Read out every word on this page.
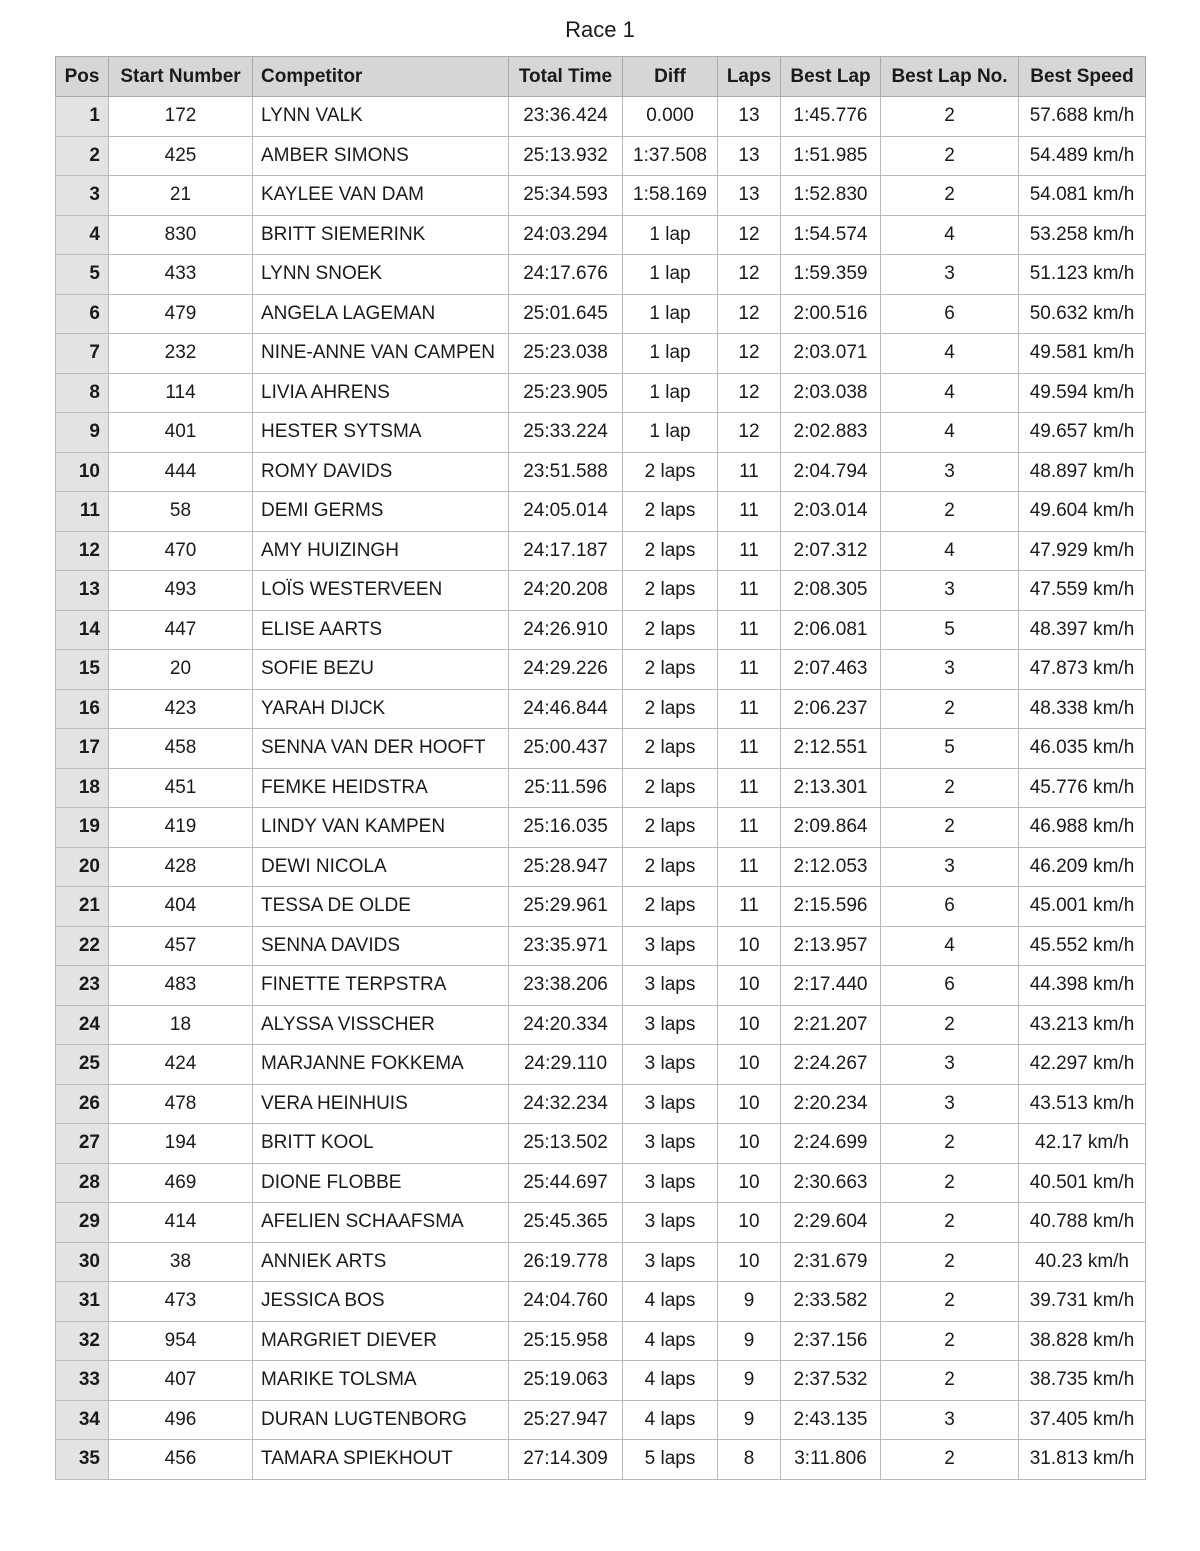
Race 1
Pos	Start Number	Competitor	Total Time	Diff	Laps	Best Lap	Best Lap No.	Best Speed
1	172	LYNN VALK	23:36.424	0.000	13	1:45.776	2	57.688 km/h
2	425	AMBER SIMONS	25:13.932	1:37.508	13	1:51.985	2	54.489 km/h
3	21	KAYLEE VAN DAM	25:34.593	1:58.169	13	1:52.830	2	54.081 km/h
4	830	BRITT SIEMERINK	24:03.294	1 lap	12	1:54.574	4	53.258 km/h
5	433	LYNN SNOEK	24:17.676	1 lap	12	1:59.359	3	51.123 km/h
6	479	ANGELA LAGEMAN	25:01.645	1 lap	12	2:00.516	6	50.632 km/h
7	232	NINE-ANNE VAN CAMPEN	25:23.038	1 lap	12	2:03.071	4	49.581 km/h
8	114	LIVIA AHRENS	25:23.905	1 lap	12	2:03.038	4	49.594 km/h
9	401	HESTER SYTSMA	25:33.224	1 lap	12	2:02.883	4	49.657 km/h
10	444	ROMY DAVIDS	23:51.588	2 laps	11	2:04.794	3	48.897 km/h
11	58	DEMI GERMS	24:05.014	2 laps	11	2:03.014	2	49.604 km/h
12	470	AMY HUIZINGH	24:17.187	2 laps	11	2:07.312	4	47.929 km/h
13	493	LOÏS WESTERVEEN	24:20.208	2 laps	11	2:08.305	3	47.559 km/h
14	447	ELISE AARTS	24:26.910	2 laps	11	2:06.081	5	48.397 km/h
15	20	SOFIE BEZU	24:29.226	2 laps	11	2:07.463	3	47.873 km/h
16	423	YARAH DIJCK	24:46.844	2 laps	11	2:06.237	2	48.338 km/h
17	458	SENNA VAN DER HOOFT	25:00.437	2 laps	11	2:12.551	5	46.035 km/h
18	451	FEMKE HEIDSTRA	25:11.596	2 laps	11	2:13.301	2	45.776 km/h
19	419	LINDY VAN KAMPEN	25:16.035	2 laps	11	2:09.864	2	46.988 km/h
20	428	DEWI NICOLA	25:28.947	2 laps	11	2:12.053	3	46.209 km/h
21	404	TESSA DE OLDE	25:29.961	2 laps	11	2:15.596	6	45.001 km/h
22	457	SENNA DAVIDS	23:35.971	3 laps	10	2:13.957	4	45.552 km/h
23	483	FINETTE TERPSTRA	23:38.206	3 laps	10	2:17.440	6	44.398 km/h
24	18	ALYSSA VISSCHER	24:20.334	3 laps	10	2:21.207	2	43.213 km/h
25	424	MARJANNE FOKKEMA	24:29.110	3 laps	10	2:24.267	3	42.297 km/h
26	478	VERA HEINHUIS	24:32.234	3 laps	10	2:20.234	3	43.513 km/h
27	194	BRITT KOOL	25:13.502	3 laps	10	2:24.699	2	42.17 km/h
28	469	DIONE FLOBBE	25:44.697	3 laps	10	2:30.663	2	40.501 km/h
29	414	AFELIEN SCHAAFSMA	25:45.365	3 laps	10	2:29.604	2	40.788 km/h
30	38	ANNIEK ARTS	26:19.778	3 laps	10	2:31.679	2	40.23 km/h
31	473	JESSICA BOS	24:04.760	4 laps	9	2:33.582	2	39.731 km/h
32	954	MARGRIET DIEVER	25:15.958	4 laps	9	2:37.156	2	38.828 km/h
33	407	MARIKE TOLSMA	25:19.063	4 laps	9	2:37.532	2	38.735 km/h
34	496	DURAN LUGTENBORG	25:27.947	4 laps	9	2:43.135	3	37.405 km/h
35	456	TAMARA SPIEKHOUT	27:14.309	5 laps	8	3:11.806	2	31.813 km/h
